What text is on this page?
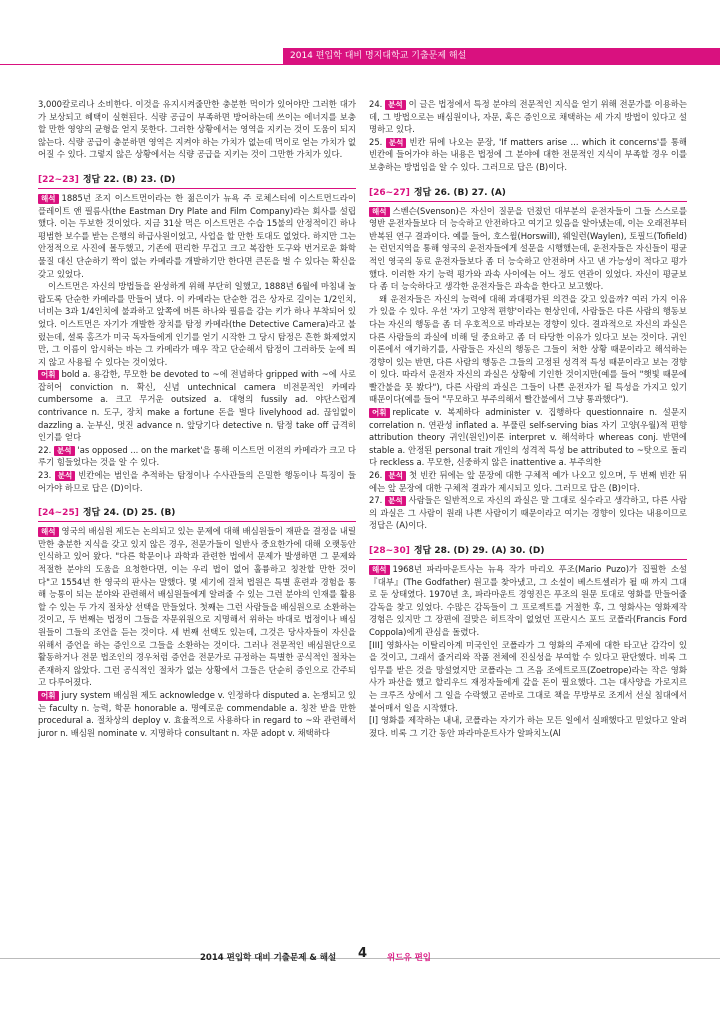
2014 편입학 대비 명지대학교 기출문제 해설

3,000칼로리나 소비한다. 이것을 유지시켜줄만한 충분한 먹이가 있어야만 그러한 대가가 보상되고 혜택이 실현된다. 식량 공급이 부족하면 방어하는데 쓰이는 에너지를 보충할 만한 영양의 균형을 얻지 못한다. 그러한 상황에서는 영역을 지키는 것이 도움이 되지 않는다. 식량 공급이 충분하면 영역은 지켜야 하는 가치가 없는데 먹이로 얻는 가치가 없어질 수 있다. 그렇지 않은 상황에서는 식량 공급을 지키는 것이 그만한 가치가 있다.

[22~23] 정답 22. (B) 23. (D)

해석 1885년 조지 이스트먼이라는 한 젊은이가 뉴욕 주 로체스터에 이스트먼드라이 플레이트 앤 필름사(the Eastman Dry Plate and Film Company)라는 회사를 설립했다. 이는 두보한 것이었다. 지금 31살 먹은 이스트먼은 수습 15불의 안정적이긴 하나 평범한 보수를 받는 은행의 하급사원이었고, 사업을 할 만한 토대도 없었다. 하지만 그는 안정적으로 사진에 몰두했고, 기존에 편리한 무겁고 크고 복잡한 도구와 번거로운 화학 물질 대신 단순하기 짝이 없는 카메라를 개발하기만 한다면 큰돈을 벌 수 있다는 확신을 갖고 있었다.

이스트먼은 자신의 방법들을 완성하게 위해 부단히 일했고, 1888년 6월에 마침내 놀랍도록 단순한 카메라를 만들어 냈다. 이 카메라는 단순한 검은 상자로 길이는 1/2인치, 너비는 3과 1/4인치에 불과하고 앞쪽에 버튼 하나와 필름을 감는 키가 하나 부착되어 있었다. 이스트먼은 자기가 개발한 장치를 탐정 카메라(the Detective Camera)라고 불렀는데, 셜록 홈즈가 미국 독자들에게 인기를 얻기 시작한 그 당시 탐정은 흔한 화제였지만, 그 이름이 암시하는 바는 그 카메라가 매우 작고 단순해서 탐정이 그러하듯 눈에 띄지 않고 사용될 수 있다는 것이었다.

어휘 bold a. 용감한, 무모한 be devoted to ~에 전념하다 gripped with ~에 사로잡히어 conviction n. 확신, 신념 untechnical camera 비전문적인 카메라 cumbersome a. 크고 무거운 outsized a. 대형의 fussily ad. 야단스럽게 contrivance n. 도구, 장치 make a fortune 돈을 벌다 livelyhood ad. 끊임없이 dazzling a. 눈부신, 멋진 advance n. 앞당기다 detective n. 탐정 take off 급격히 인기를 얻다

22. 분석 'as opposed ... on the market'을 통해 이스트먼 이전의 카메라가 크고 다루기 힘들었다는 것을 알 수 있다.

23. 분석 빈칸에는 범인을 추적하는 탐정이나 수사관들의 은밀한 행동이나 특징이 들어가야 하므로 답은 (D)이다.

[24~25] 정답 24. (D) 25. (B)

해석 영국의 배심원 제도는 논의되고 있는 문제에 대해 배심원들이 재판을 결정을 내릴만한 충분한 지식을 갖고 있지 않은 경우, 전문가들이 일반사 중요한가에 대해 오랫동안 인식하고 있어 왔다. "다른 학문이나 과학과 관련한 법에서 문제가 발생하면 그 문제와 적절한 분야의 도움을 요청한다면, 이는 우리 법이 없어 훌륭하고 칭찬할 만한 것이다"고 1554년 한 영국의 판사는 말했다. 몇 세기에 걸쳐 법원은 특별 훈련과 경험을 통해 능통이 되는 분야와 관련해서 배심원들에게 알려줄 수 있는 그런 분야의 인재를 활용할 수 있는 두 가지 절차상 선택을 만들었다. 첫째는 그런 사람들을 배심원으로 소환하는 것이고, 두 번째는 법정이 그들을 자문위원으로 지명해서 위하는 바대로 법정이나 배심원들이 그들의 조언을 듣는 것이다. 세 번째 선택도 있는데, 그것은 당사자들이 자신을 위해서 증언을 하는 증인으로 그들을 소환하는 것이다. 그러나 전문적인 배심원단으로 활동하거나 전문 법조인의 경우처럼 증언을 전문가로 규정하는 특별한 공식적인 절차는 존재하지 않았다. 그런 공식적인 절차가 없는 상황에서 그들은 단순히 증인으로 간주되고 다루어졌다.

어휘 jury system 배심원 제도 acknowledge v. 인정하다 disputed a. 논쟁되고 있는 faculty n. 능력, 학문 honorable a. 명예로운 commendable a. 칭찬 받을 만한 procedural a. 절차상의 deploy v. 효율적으로 사용하다 in regard to ~와 관련해서 juror n. 배심원 nominate v. 지명하다 consultant n. 자문 adopt v. 채택하다

24. 분석 이 글은 법정에서 특정 분야의 전문적인 지식을 얻기 위해 전문가를 이용하는 데, 그 방법으로는 배심원이나, 자문, 혹은 증인으로 채택하는 세 가지 방법이 있다고 설명하고 있다.

25. 분석 빈칸 뒤에 나오는 문장, 'If matters arise ... which it concerns'를 통해 빈칸에 들어가야 하는 내용은 법정에 그 분야에 대한 전문적인 지식이 부족할 경우 이를 보충하는 방법임을 알 수 있다. 그러므로 답은 (B)이다.

[26~27] 정답 26. (B) 27. (A)

해석 스벤슨(Svenson)은 자신이 질문을 던졌던 대부분의 운전자들이 그들 스스로를 영반 운전자들보다 더 능숙하고 안전하다고 여기고 있음을 알아냈는데, 이는 오래전부터 반복된 연구 결과이다. 예를 들어, 호스윌(Horswill), 웨일런(Waylen), 토필드(Tofield)는 런던지역을 통해 영국의 운전자들에게 설문을 시행했는데, 운전자들은 자신들이 평균적인 영국의 동료 운전자들보다 좀 더 능숙하고 안전하며 사고 낸 가능성이 적다고 평가했다. 이러한 자기 능력 평가와 과속 사이에는 어느 정도 연관이 있었다. 자신이 평균보다 좀 더 능숙하다고 생각한 운전자들은 과속을 한다고 보고했다.

왜 운전자들은 자신의 능력에 대해 과대평가된 의견을 갖고 있을까? 여러 가지 이유가 있을 수 있다. 우선 '자기 고양적 편향'이라는 현상인데, 사람들은 다른 사람의 행동보다는 자신의 행동을 좀 더 우호적으로 바라보는 경향이 있다. 결과적으로 자신의 과실은 다른 사람들의 과실에 비해 덜 중요하고 좀 더 타당한 이유가 있다고 보는 것이다. 귀인 이론에서 얘기하기를, 사람들은 자신의 행동은 그들이 처한 상황 때문이라고 해석하는 경향이 있는 반면, 다른 사람의 행동은 그들의 고정된 성격적 특성 때문이라고 보는 경향이 있다. 따라서 운전자 자신의 과실은 상황에 기인한 것이지만(예를 들어 "햇빛 때문에 빨간불을 못 봤다"), 다른 사람의 과실은 그들이 나쁜 운전자가 될 특성을 가지고 있기 때문이다(예를 들어 "무모하고 부주의해서 빨간불에서 그냥 통과했다").

어휘 replicate v. 복제하다 administer v. 집행하다 questionnaire n. 설문지 correlation n. 연관성 inflated a. 부풀린 self-serving bias 자기 고양(우월)적 편향 attribution theory 귀인(원인)이론 interpret v. 해석하다 whereas conj. 반면에 stable a. 안정된 personal trait 개인의 성격적 특성 be attributed to ~탓으로 돌리다 reckless a. 무모한, 신중하지 않은 inattentive a. 부주의한

26. 분석 첫 빈칸 뒤에는 앞 문장에 대한 구체적 예가 나오고 있으며, 두 번째 빈칸 뒤에는 앞 문장에 대한 구체적 결과가 제시되고 있다. 그러므로 답은 (B)이다.

27. 분석 사람들은 일반적으로 자신의 과실은 말 그대로 실수라고 생각하고, 다른 사람의 과실은 그 사람이 원래 나쁜 사람이기 때문이라고 여기는 경향이 있다는 내용이므로 정답은 (A)이다.

[28~30] 정답 28. (D) 29. (A) 30. (D)

해석 1968년 파라마운트사는 뉴욕 작가 마리오 푸조(Mario Puzo)가 집필한 소설 『대부』(The Godfather) 원고를 찾아냈고, 그 소설이 베스트셀러가 될 때 까지 그대로 둔 상태였다. 1970년 초, 파라마운트 경영진은 푸조의 원문 토대로 영화를 만들어줄 감독을 찾고 있었다. 수많은 감독들이 그 프로젝트를 거절한 후, 그 영화사는 영화제작 경험은 있지만 그 장편에 걸맞은 히트작이 없었던 프란시스 포드 코폴라(Francis Ford Coppola)에게 관심을 돌렸다.

[III] 영화사는 이탈리아계 미국인인 코폴라가 그 영화의 주제에 대한 타고난 감각이 있을 것이고, 그래서 줄거리와 작품 전체에 진실성을 부여할 수 있다고 판단했다. 비록 그 임무를 받은 것을 망설였지만 코폴라는 그 즈음 조에트로프(Zoetrope)라는 작은 영화사가 파산을 했고 할리우드 재정자들에게 갚을 돈이 필요했다. 그는 대사양을 가로지르는 크루즈 상에서 그 일을 수락했고 곧바로 그대로 책을 무방부로 조게서 선실 침대에서 붙어매서 일을 시작했다.

[I] 영화를 제작하는 내내, 코폴라는 자기가 하는 모든 일에서 실패했다고 믿었다고 알려졌다. 비록 그 기간 동안 파라마운트사가 알파치노(Al

2014 편입학 대비 기출문제 & 해설 4 위드유 편입
